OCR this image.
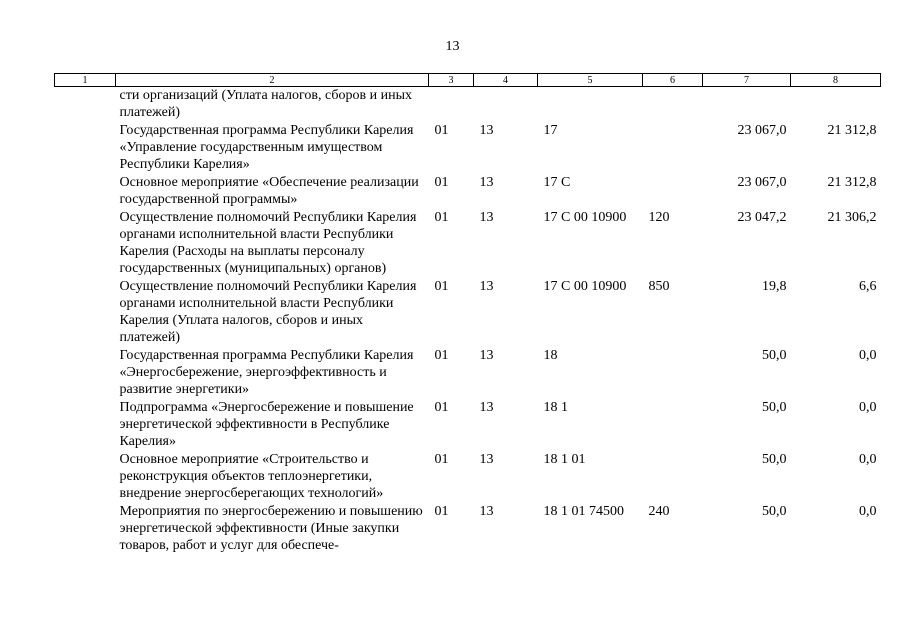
13
1	2	3	4	5	6	7	8
	сти организаций (Уплата налогов, сборов и иных платежей)						
	Государственная программа Республики Карелия «Управление государственным имуществом Республики Карелия»	01	13	17		23 067,0	21 312,8
	Основное мероприятие «Обеспечение реализации государственной программы»	01	13	17 С		23 067,0	21 312,8
	Осуществление полномочий Республики Карелия органами исполнительной власти Республики Карелия (Расходы на выплаты персоналу государственных (муниципальных) органов)	01	13	17 С 00 10900	120	23 047,2	21 306,2
	Осуществление полномочий Республики Карелия органами исполнительной власти Республики Карелия (Уплата налогов, сборов и иных платежей)	01	13	17 С 00 10900	850	19,8	6,6
	Государственная программа Республики Карелия «Энергосбережение, энергоэффективность и развитие энергетики»	01	13	18		50,0	0,0
	Подпрограмма «Энергосбережение и повышение энергетической эффективности в Республике Карелия»	01	13	18 1		50,0	0,0
	Основное мероприятие «Строительство и реконструкция объектов теплоэнергетики, внедрение энергосберегающих технологий»	01	13	18 1 01		50,0	0,0
	Мероприятия по энергосбережению и повышению энергетической эффективности (Иные закупки товаров, работ и услуг для обеспече-	01	13	18 1 01 74500	240	50,0	0,0
